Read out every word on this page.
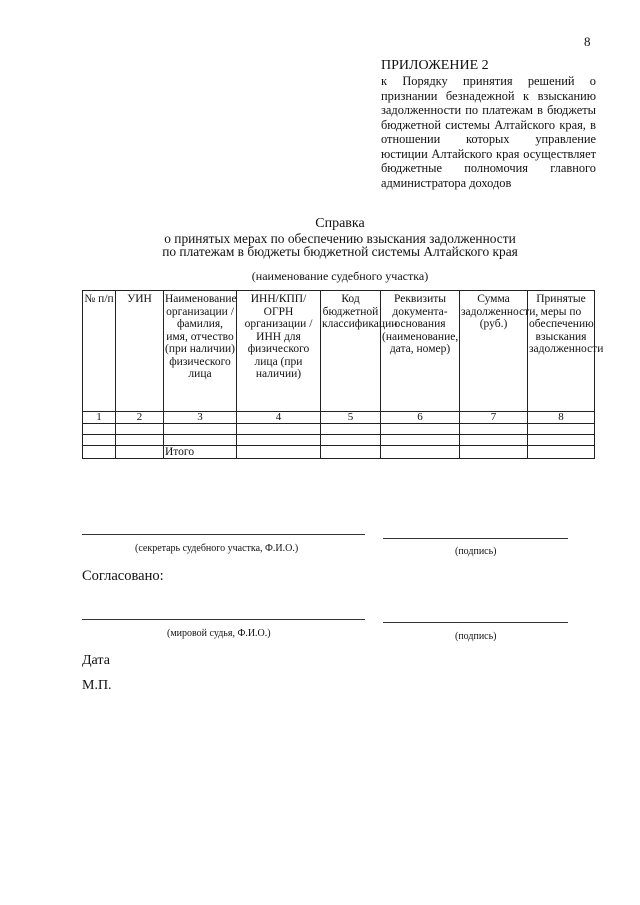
8
ПРИЛОЖЕНИЕ 2
к Порядку принятия решений о признании безнадежной к взысканию задолженности по платежам в бюджеты бюджетной системы Алтайского края, в отношении которых управление юстиции Алтайского края осуществляет бюджетные полномочия главного администратора доходов
Справка
о принятых мерах по обеспечению взыскания задолженности
по платежам в бюджеты бюджетной системы Алтайского края
(наименование судебного участка)
№ п/п	УИН	Наименование организации / фамилия, имя, отчество (при наличии) физического лица	ИНН/КПП/ ОГРН организации / ИНН для физического лица (при наличии)	Код бюджетной классификации	Реквизиты документа-основания (наименование, дата, номер)	Сумма задолженности, (руб.)	Принятые меры по обеспечению взыскания задолженности
1	2	3	4	5	6	7	8

		Итого					
(секретарь судебного участка, Ф.И.О.)	(подпись)
Согласовано:
(мировой судья, Ф.И.О.)	(подпись)
Дата
М.П.
